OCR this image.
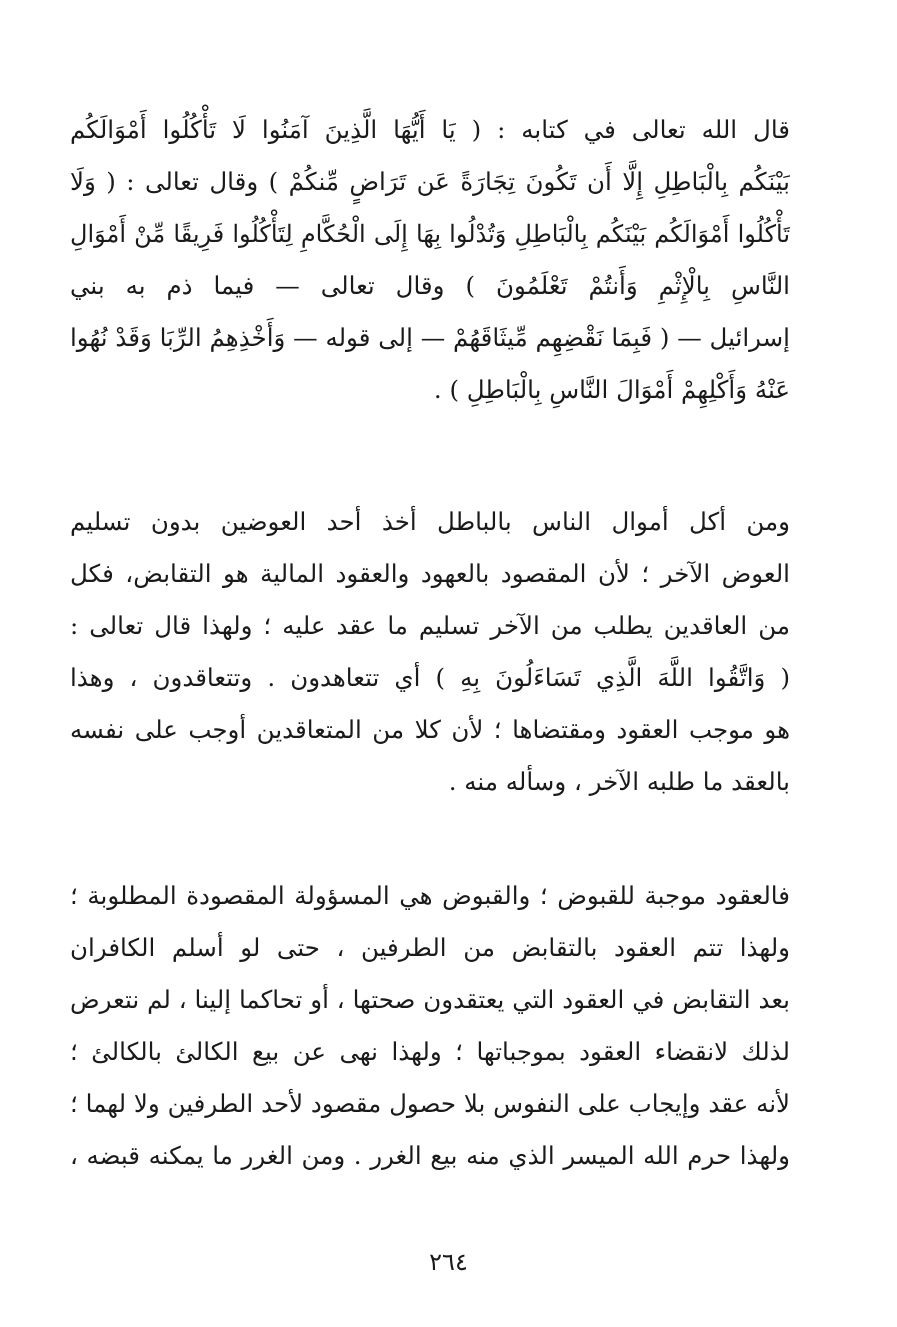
قال الله تعالى في كتابه : ( يَا أَيُّهَا الَّذِينَ آمَنُوا لَا تَأْكُلُوا أَمْوَالَكُم
بَيْنَكُم بِالْبَاطِلِ إِلَّا أَن تَكُونَ تِجَارَةً عَن تَرَاضٍ مِّنكُمْ ) وقال تعالى : ( وَلَا
تَأْكُلُوا أَمْوَالَكُم بَيْنَكُم بِالْبَاطِلِ وَتُدْلُوا بِهَا إِلَى الْحُكَّامِ لِتَأْكُلُوا فَرِيقًا مِّنْ أَمْوَالِ
النَّاسِ بِالْإِثْمِ وَأَنتُمْ تَعْلَمُونَ ) وقال تعالى — فيما ذم به بني
إسرائيل — ( فَبِمَا نَقْضِهِم مِّيثَاقَهُمْ — إلى قوله — وَأَخْذِهِمُ الرِّبَا وَقَدْ نُهُوا
عَنْهُ وَأَكْلِهِمْ أَمْوَالَ النَّاسِ بِالْبَاطِلِ ) .
ومن أكل أموال الناس بالباطل أخذ أحد العوضين بدون تسليم
العوض الآخر ؛ لأن المقصود بالعهود والعقود المالية هو التقابض، فكل
من العاقدين يطلب من الآخر تسليم ما عقد عليه ؛ ولهذا قال تعالى :
( وَاتَّقُوا اللَّهَ الَّذِي تَسَاءَلُونَ بِهِ ) أي تتعاهدون . وتتعاقدون ، وهذا
هو موجب العقود ومقتضاها ؛ لأن كلا من المتعاقدين أوجب على نفسه
بالعقد ما طلبه الآخر ، وسأله منه .
فالعقود موجبة للقبوض ؛ والقبوض هي المسؤولة المقصودة المطلوبة ؛
ولهذا تتم العقود بالتقابض من الطرفين ، حتى لو أسلم الكافران
بعد التقابض في العقود التي يعتقدون صحتها ، أو تحاكما إلينا ، لم نتعرض
لذلك لانقضاء العقود بموجباتها ؛ ولهذا نهى عن بيع الكالئ بالكالئ ؛
لأنه عقد وإيجاب على النفوس بلا حصول مقصود لأحد الطرفين ولا لهما ؛
ولهذا حرم الله الميسر الذي منه بيع الغرر . ومن الغرر ما يمكنه قبضه ،
٢٦٤
